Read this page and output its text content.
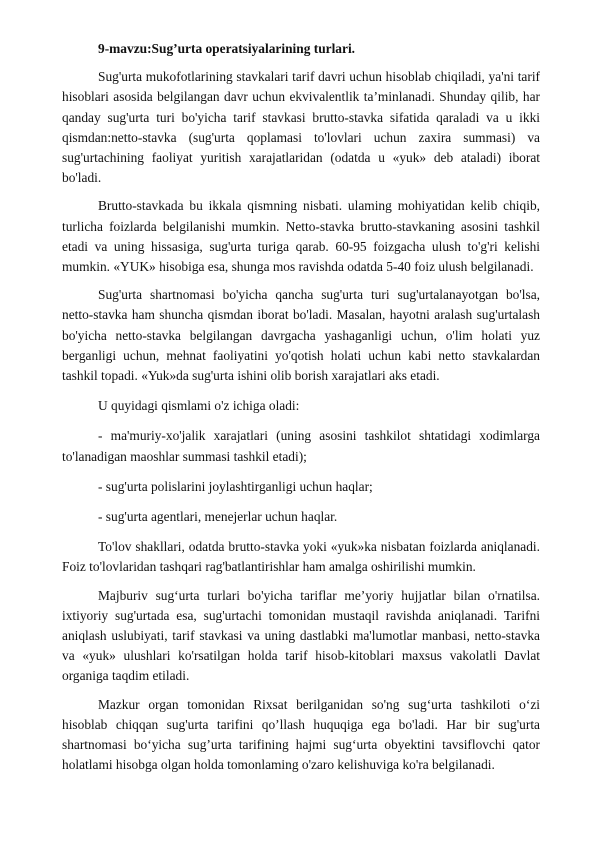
9-mavzu:Sug’urta operatsiyalarining turlari.

Sug'urta mukofotlarining stavkalari tarif davri uchun hisoblab chiqiladi, ya'ni tarif hisoblari asosida belgilangan davr uchun ekvivalentlik ta’minlanadi. Shunday qilib, har qanday sug'urta turi bo'yicha tarif stavkasi brutto-stavka sifatida qaraladi va u ikki qismdan:netto-stavka (sug'urta qoplamasi to'lovlari uchun zaxira summasi) va sug'urtachining faoliyat yuritish xarajatlaridan (odatda u «yuk» deb ataladi) iborat bo'ladi.

Brutto-stavkada bu ikkala qismning nisbati. ulaming mohiyatidan kelib chiqib, turlicha foizlarda belgilanishi mumkin. Netto-stavka brutto-stavkaning asosini tashkil etadi va uning hissasiga, sug'urta turiga qarab. 60-95 foizgacha ulush to'g'ri kelishi mumkin. «YUK» hisobiga esa, shunga mos ravishda odatda 5-40 foiz ulush belgilanadi.

Sug'urta shartnomasi bo'yicha qancha sug'urta turi sug'urtalanayotgan bo'lsa, netto-stavka ham shuncha qismdan iborat bo'ladi. Masalan, hayotni aralash sug'urtalash bo'yicha netto-stavka belgilangan davrgacha yashaganligi uchun, o'lim holati yuz berganligi uchun, mehnat faoliyatini yo'qotish holati uchun kabi netto stavkalardan tashkil topadi. «Yuk»da sug'urta ishini olib borish xarajatlari aks etadi.

U quyidagi qismlami o'z ichiga oladi:

- ma'muriy-xo'jalik xarajatlari (uning asosini tashkilot shtatidagi xodimlarga to'lanadigan maoshlar summasi tashkil etadi);

- sug'urta polislarini joylashtirganligi uchun haqlar;

- sug'urta agentlari, menejerlar uchun haqlar.

To'lov shakllari, odatda brutto-stavka yoki «yuk»ka nisbatan foizlarda aniqlanadi. Foiz to'lovlaridan tashqari rag'batlantirishlar ham amalga oshirilishi mumkin.

Majburiv sug‘urta turlari bo'yicha tariflar me’yoriy hujjatlar bilan o'rnatilsa. ixtiyoriy sug'urtada esa, sug'urtachi tomonidan mustaqil ravishda aniqlanadi. Tarifni aniqlash uslubiyati, tarif stavkasi va uning dastlabki ma'lumotlar manbasi, netto-stavka va «yuk» ulushlari ko'rsatilgan holda tarif hisob-kitoblari maxsus vakolatli Davlat organiga taqdim etiladi.

Mazkur organ tomonidan Rixsat berilganidan so'ng sug‘urta tashkiloti o‘zi hisoblab chiqqan sug'urta tarifini qo’llash huquqiga ega bo'ladi. Har bir sug'urta shartnomasi bo‘yicha sug’urta tarifining hajmi sug‘urta obyektini tavsiflovchi qator holatlami hisobga olgan holda tomonlaming o'zaro kelishuviga ko'ra belgilanadi.
